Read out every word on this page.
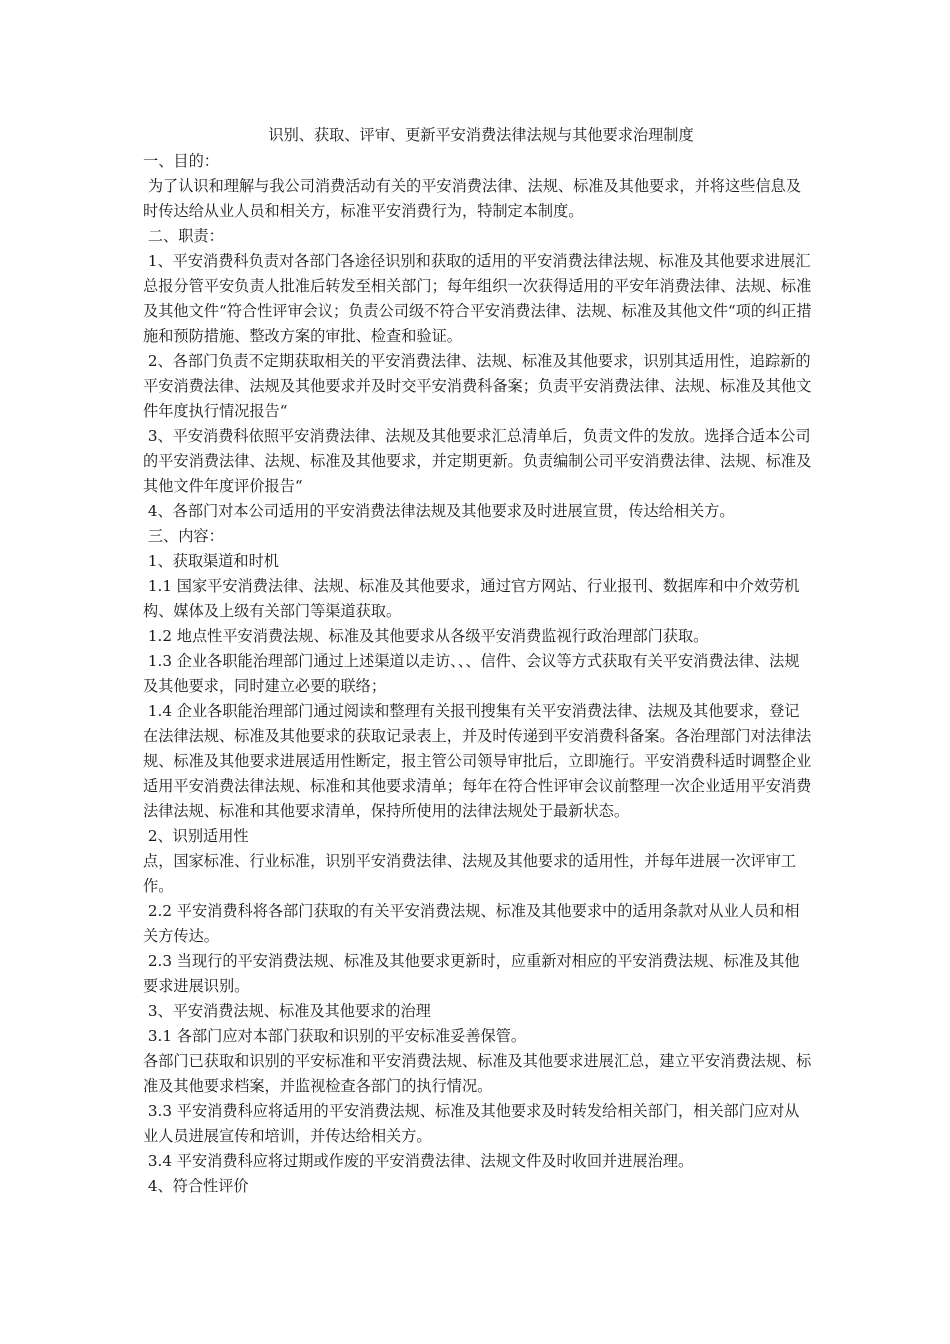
识别、获取、评审、更新平安消费法律法规与其他要求治理制度

一、目的：

为了认识和理解与我公司消费活动有关的平安消费法律、法规、标准及其他要求，并将这些信息及时传达给从业人员和相关方，标准平安消费行为，特制定本制度。

二、职责：

1、平安消费科负责对各部门各途径识别和获取的适用的平安消费法律法规、标准及其他要求进展汇总报分管平安负责人批准后转发至相关部门；每年组织一次获得适用的平安年消费法律、法规、标准及其他文件“符合性评审会议；负责公司级不符合平安消费法律、法规、标准及其他文件“项的纠正措施和预防措施、整改方案的审批、检查和验证。

2、各部门负责不定期获取相关的平安消费法律、法规、标准及其他要求，识别其适用性，追踪新的平安消费法律、法规及其他要求并及时交平安消费科备案；负责平安消费法律、法规、标准及其他文件年度执行情况报告“

3、平安消费科依照平安消费法律、法规及其他要求汇总清单后，负责文件的发放。选择合适本公司的平安消费法律、法规、标准及其他要求，并定期更新。负责编制公司平安消费法律、法规、标准及其他文件年度评价报告“

4、各部门对本公司适用的平安消费法律法规及其他要求及时进展宣贯，传达给相关方。

三、内容：

1、获取渠道和时机

1.1 国家平安消费法律、法规、标准及其他要求，通过官方网站、行业报刊、数据库和中介效劳机构、媒体及上级有关部门等渠道获取。

1.2 地点性平安消费法规、标准及其他要求从各级平安消费监视行政治理部门获取。

1.3 企业各职能治理部门通过上述渠道以走访、、、信件、会议等方式获取有关平安消费法律、法规及其他要求，同时建立必要的联络；

1.4 企业各职能治理部门通过阅读和整理有关报刊搜集有关平安消费法律、法规及其他要求，登记在法律法规、标准及其他要求的获取记录表上，并及时传递到平安消费科备案。各治理部门对法律法规、标准及其他要求进展适用性断定，报主管公司领导审批后，立即施行。平安消费科适时调整企业适用平安消费法律法规、标准和其他要求清单；每年在符合性评审会议前整理一次企业适用平安消费法律法规、标准和其他要求清单，保持所使用的法律法规处于最新状态。

2、识别适用性

点，国家标准、行业标准，识别平安消费法律、法规及其他要求的适用性，并每年进展一次评审工作。

2.2 平安消费科将各部门获取的有关平安消费法规、标准及其他要求中的适用条款对从业人员和相关方传达。

2.3 当现行的平安消费法规、标准及其他要求更新时，应重新对相应的平安消费法规、标准及其他要求进展识别。

3、平安消费法规、标准及其他要求的治理

3.1 各部门应对本部门获取和识别的平安标准妥善保管。

各部门已获取和识别的平安标准和平安消费法规、标准及其他要求进展汇总，建立平安消费法规、标准及其他要求档案，并监视检查各部门的执行情况。

3.3 平安消费科应将适用的平安消费法规、标准及其他要求及时转发给相关部门，相关部门应对从业人员进展宣传和培训，并传达给相关方。

3.4 平安消费科应将过期或作废的平安消费法律、法规文件及时收回并进展治理。

4、符合性评价
